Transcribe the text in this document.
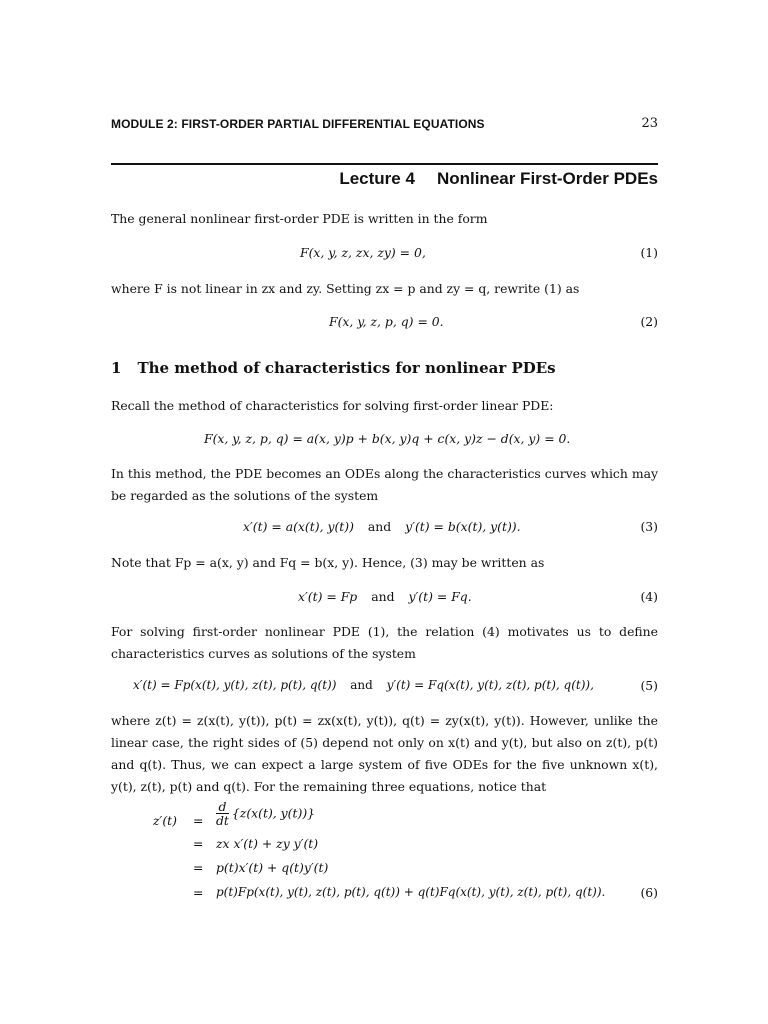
MODULE 2: FIRST-ORDER PARTIAL DIFFERENTIAL EQUATIONS	23
Lecture 4 Nonlinear First-Order PDEs
The general nonlinear first-order PDE is written in the form
F(x, y, z, zx, zy) = 0,	(1)
where F is not linear in zx and zy. Setting zx = p and zy = q, rewrite (1) as
F(x, y, z, p, q) = 0.	(2)
1 The method of characteristics for nonlinear PDEs
Recall the method of characteristics for solving first-order linear PDE:
F(x, y, z, p, q) = a(x, y)p + b(x, y)q + c(x, y)z − d(x, y) = 0.
In this method, the PDE becomes an ODEs along the characteristics curves which may be regarded as the solutions of the system
x′(t) = a(x(t), y(t)) and y′(t) = b(x(t), y(t)).	(3)
Note that Fp = a(x, y) and Fq = b(x, y). Hence, (3) may be written as
x′(t) = Fp and y′(t) = Fq.	(4)
For solving first-order nonlinear PDE (1), the relation (4) motivates us to define characteristics curves as solutions of the system
x′(t) = Fp(x(t), y(t), z(t), p(t), q(t)) and y′(t) = Fq(x(t), y(t), z(t), p(t), q(t)),	(5)
where z(t) = z(x(t), y(t)), p(t) = zx(x(t), y(t)), q(t) = zy(x(t), y(t)). However, unlike the linear case, the right sides of (5) depend not only on x(t) and y(t), but also on z(t), p(t) and q(t). Thus, we can expect a large system of five ODEs for the five unknown x(t), y(t), z(t), p(t) and q(t). For the remaining three equations, notice that
$z'(t) = \frac{d}{dt} \{z(x(t)$, y(t))}
= zx x′(t) + zy y′(t)
= p(t)x′(t) + q(t)y′(t)
= p(t)Fp(x(t), y(t), z(t), p(t), q(t)) + q(t)Fq(x(t), y(t), z(t), p(t), q(t)).	(6)
